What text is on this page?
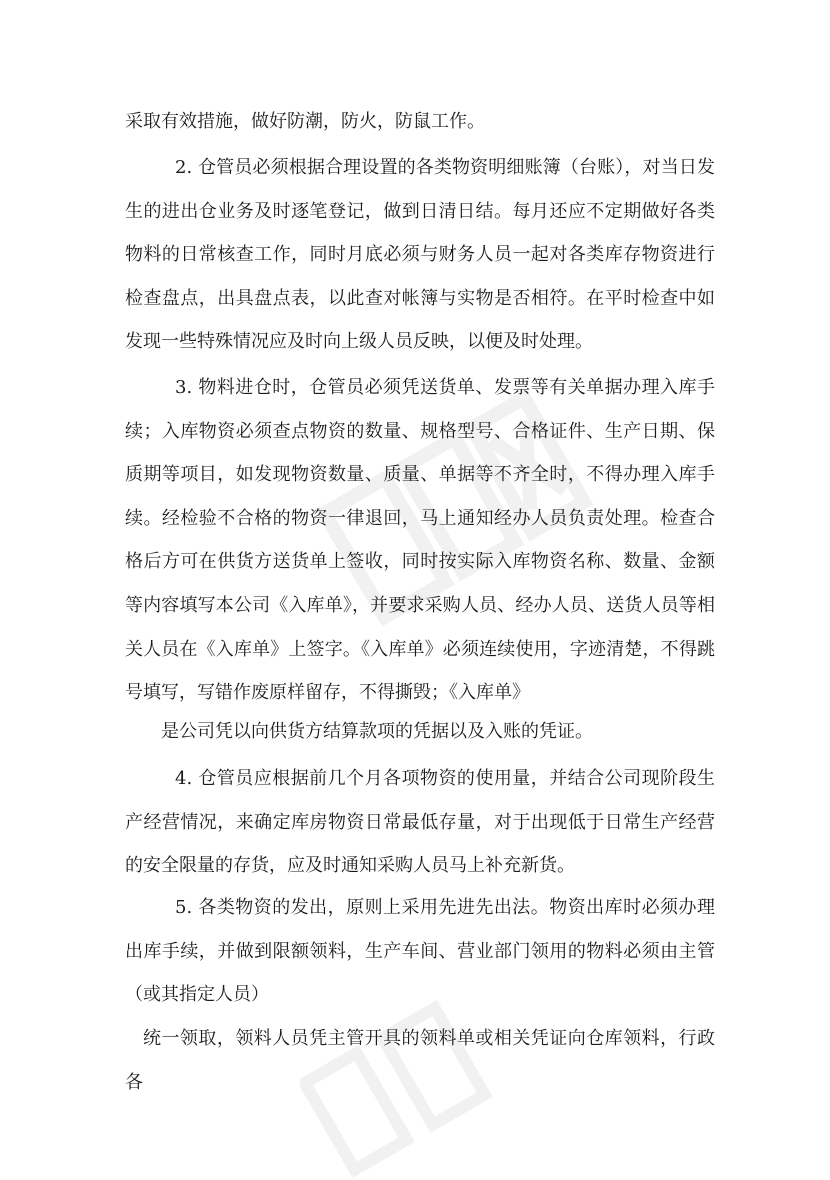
采取有效措施，做好防潮，防火，防鼠工作。

2. 仓管员必须根据合理设置的各类物资明细账簿（台账），对当日发生的进出仓业务及时逐笔登记，做到日清日结。每月还应不定期做好各类物料的日常核查工作，同时月底必须与财务人员一起对各类库存物资进行检查盘点，出具盘点表，以此查对帐簿与实物是否相符。在平时检查中如发现一些特殊情况应及时向上级人员反映，以便及时处理。

3. 物料进仓时，仓管员必须凭送货单、发票等有关单据办理入库手续；入库物资必须查点物资的数量、规格型号、合格证件、生产日期、保质期等项目，如发现物资数量、质量、单据等不齐全时，不得办理入库手续。经检验不合格的物资一律退回，马上通知经办人员负责处理。检查合格后方可在供货方送货单上签收，同时按实际入库物资名称、数量、金额等内容填写本公司《入库单》，并要求采购人员、经办人员、送货人员等相关人员在《入库单》上签字。《入库单》必须连续使用，字迹清楚，不得跳号填写，写错作废原样留存，不得撕毁；《入库单》

是公司凭以向供货方结算款项的凭据以及入账的凭证。

4. 仓管员应根据前几个月各项物资的使用量，并结合公司现阶段生产经营情况，来确定库房物资日常最低存量，对于出现低于日常生产经营的安全限量的存货，应及时通知采购人员马上补充新货。

5. 各类物资的发出，原则上采用先进先出法。物资出库时必须办理出库手续，并做到限额领料，生产车间、营业部门领用的物料必须由主管（或其指定人员）

统一领取，领料人员凭主管开具的领料单或相关凭证向仓库领料，行政各
